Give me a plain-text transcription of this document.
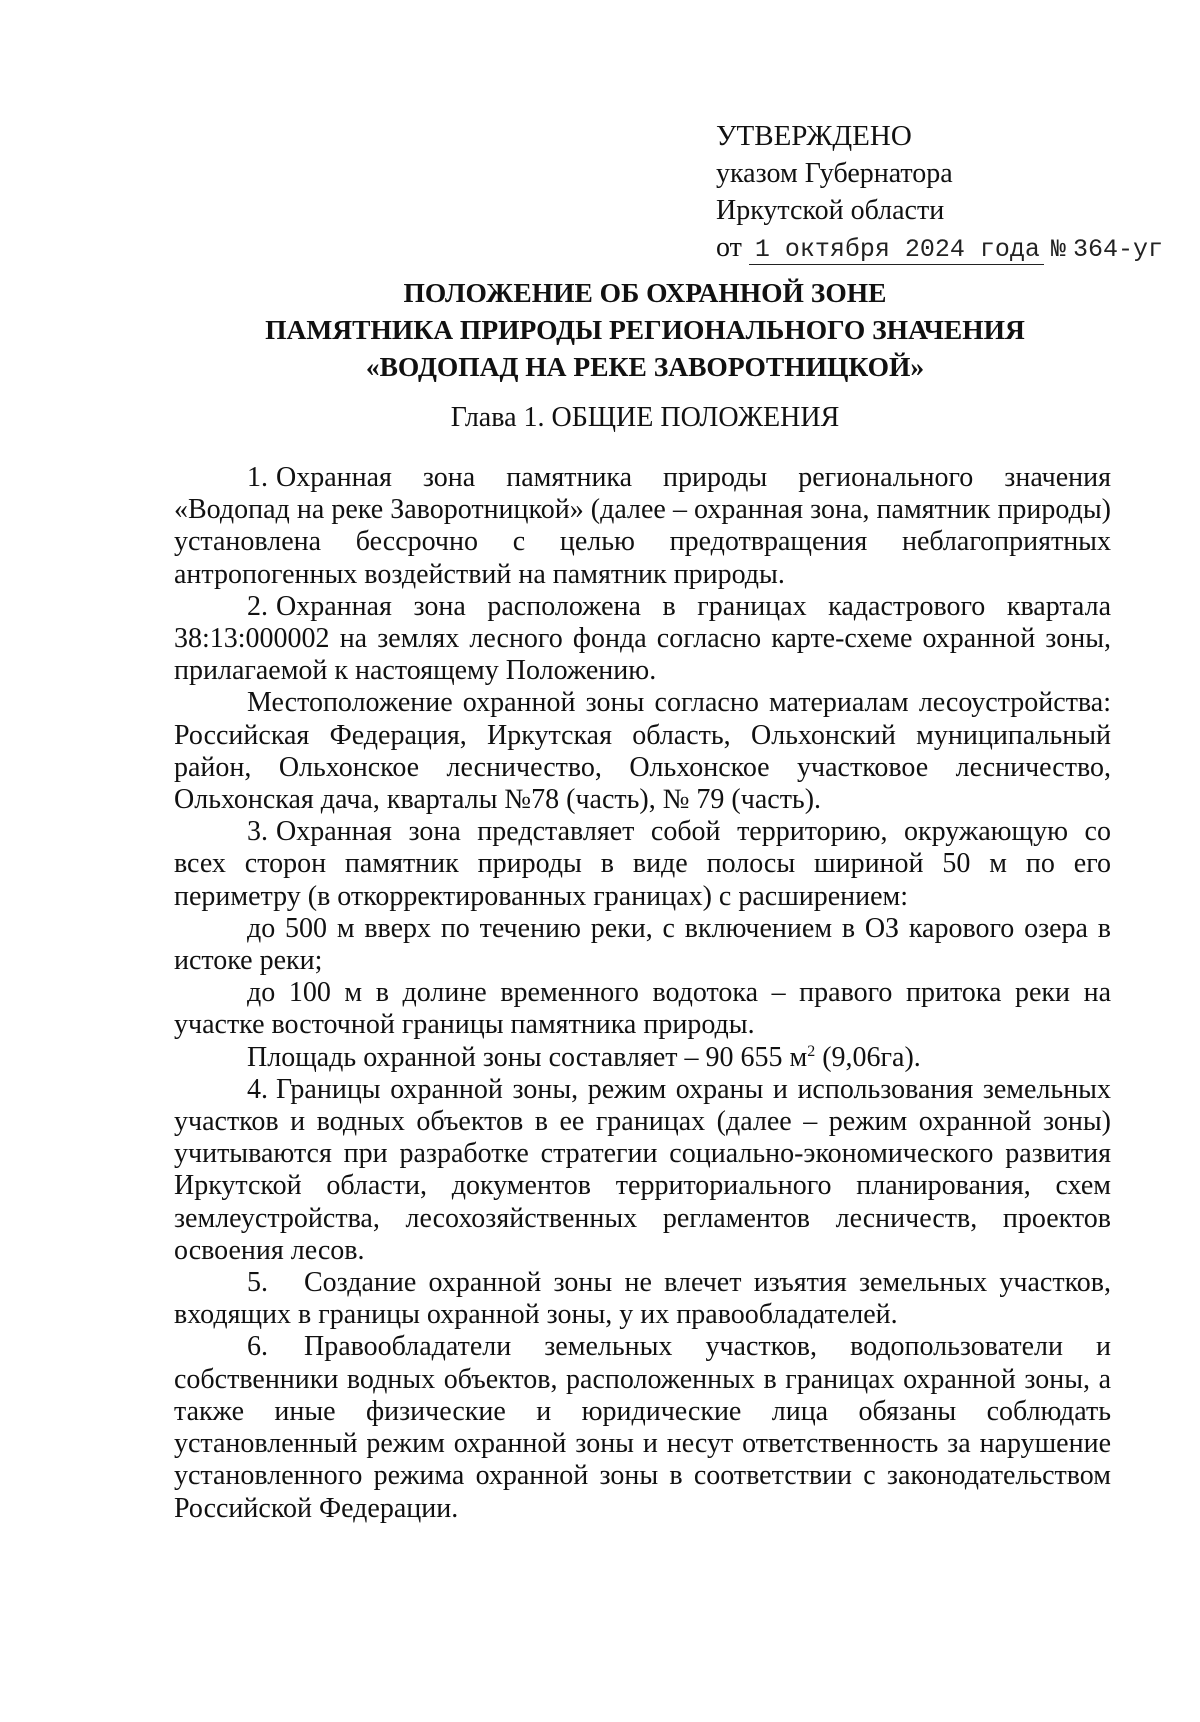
УТВЕРЖДЕНО
указом Губернатора
Иркутской области
от 1 октября 2024 года № 364-уг
ПОЛОЖЕНИЕ ОБ ОХРАННОЙ ЗОНЕ
ПАМЯТНИКА ПРИРОДЫ РЕГИОНАЛЬНОГО ЗНАЧЕНИЯ
«ВОДОПАД НА РЕКЕ ЗАВОРОТНИЦКОЙ»
Глава 1. ОБЩИЕ ПОЛОЖЕНИЯ

1. Охранная зона памятника природы регионального значения «Водопад на реке Заворотницкой» (далее – охранная зона, памятник природы) установлена бессрочно с целью предотвращения неблагоприятных антропогенных воздействий на памятник природы.

2. Охранная зона расположена в границах кадастрового квартала 38:13:000002 на землях лесного фонда согласно карте-схеме охранной зоны, прилагаемой к настоящему Положению.

Местоположение охранной зоны согласно материалам лесоустройства: Российская Федерация, Иркутская область, Ольхонский муниципальный район, Ольхонское лесничество, Ольхонское участковое лесничество, Ольхонская дача, кварталы №78 (часть), № 79 (часть).

3. Охранная зона представляет собой территорию, окружающую со всех сторон памятник природы в виде полосы шириной 50 м по его периметру (в откорректированных границах) с расширением:

до 500 м вверх по течению реки, с включением в ОЗ карового озера в истоке реки;

до 100 м в долине временного водотока – правого притока реки на участке восточной границы памятника природы.

Площадь охранной зоны составляет – 90 655 $м^2$ (9,06га).

4. Границы охранной зоны, режим охраны и использования земельных участков и водных объектов в ее границах (далее – режим охранной зоны) учитываются при разработке стратегии социально-экономического развития Иркутской области, документов территориального планирования, схем землеустройства, лесохозяйственных регламентов лесничеств, проектов освоения лесов.

5. Создание охранной зоны не влечет изъятия земельных участков, входящих в границы охранной зоны, у их правообладателей.

6. Правообладатели земельных участков, водопользователи и собственники водных объектов, расположенных в границах охранной зоны, а также иные физические и юридические лица обязаны соблюдать установленный режим охранной зоны и несут ответственность за нарушение установленного режима охранной зоны в соответствии с законодательством Российской Федерации.
